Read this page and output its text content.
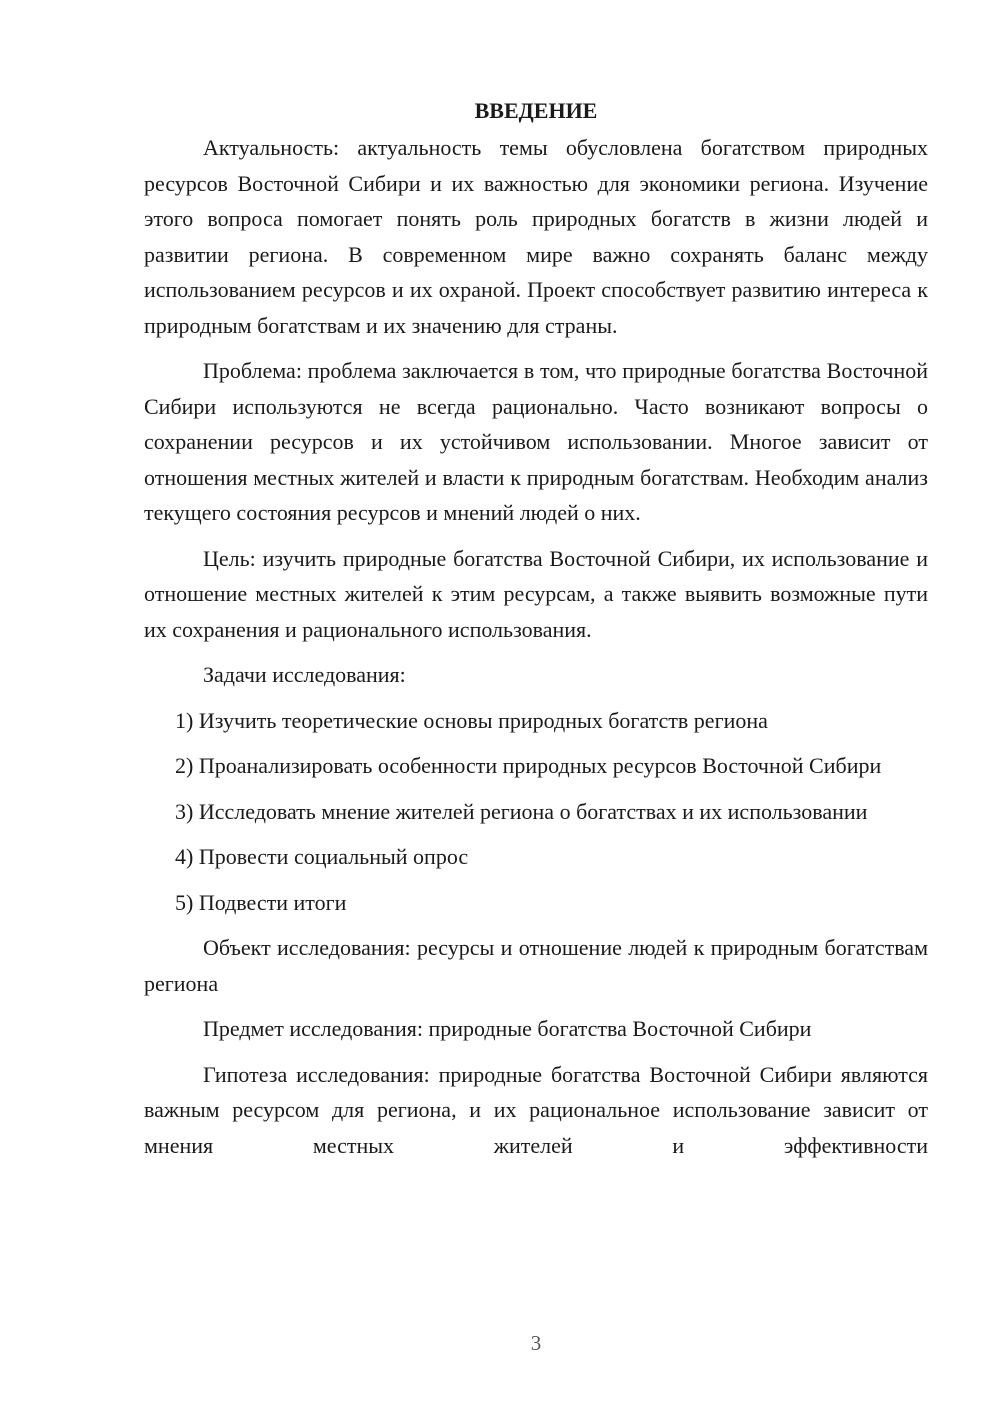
ВВЕДЕНИЕ
Актуальность: актуальность темы обусловлена богатством природных ресурсов Восточной Сибири и их важностью для экономики региона. Изучение этого вопроса помогает понять роль природных богатств в жизни людей и развитии региона. В современном мире важно сохранять баланс между использованием ресурсов и их охраной. Проект способствует развитию интереса к природным богатствам и их значению для страны.
Проблема: проблема заключается в том, что природные богатства Восточной Сибири используются не всегда рационально. Часто возникают вопросы о сохранении ресурсов и их устойчивом использовании. Многое зависит от отношения местных жителей и власти к природным богатствам. Необходим анализ текущего состояния ресурсов и мнений людей о них.
Цель: изучить природные богатства Восточной Сибири, их использование и отношение местных жителей к этим ресурсам, а также выявить возможные пути их сохранения и рационального использования.
Задачи исследования:
1) Изучить теоретические основы природных богатств региона
2) Проанализировать особенности природных ресурсов Восточной Сибири
3) Исследовать мнение жителей региона о богатствах и их использовании
4) Провести социальный опрос
5) Подвести итоги
Объект исследования: ресурсы и отношение людей к природным богатствам региона
Предмет исследования: природные богатства Восточной Сибири
Гипотеза исследования: природные богатства Восточной Сибири являются важным ресурсом для региона, и их рациональное использование зависит от мнения местных жителей и эффективности
3
